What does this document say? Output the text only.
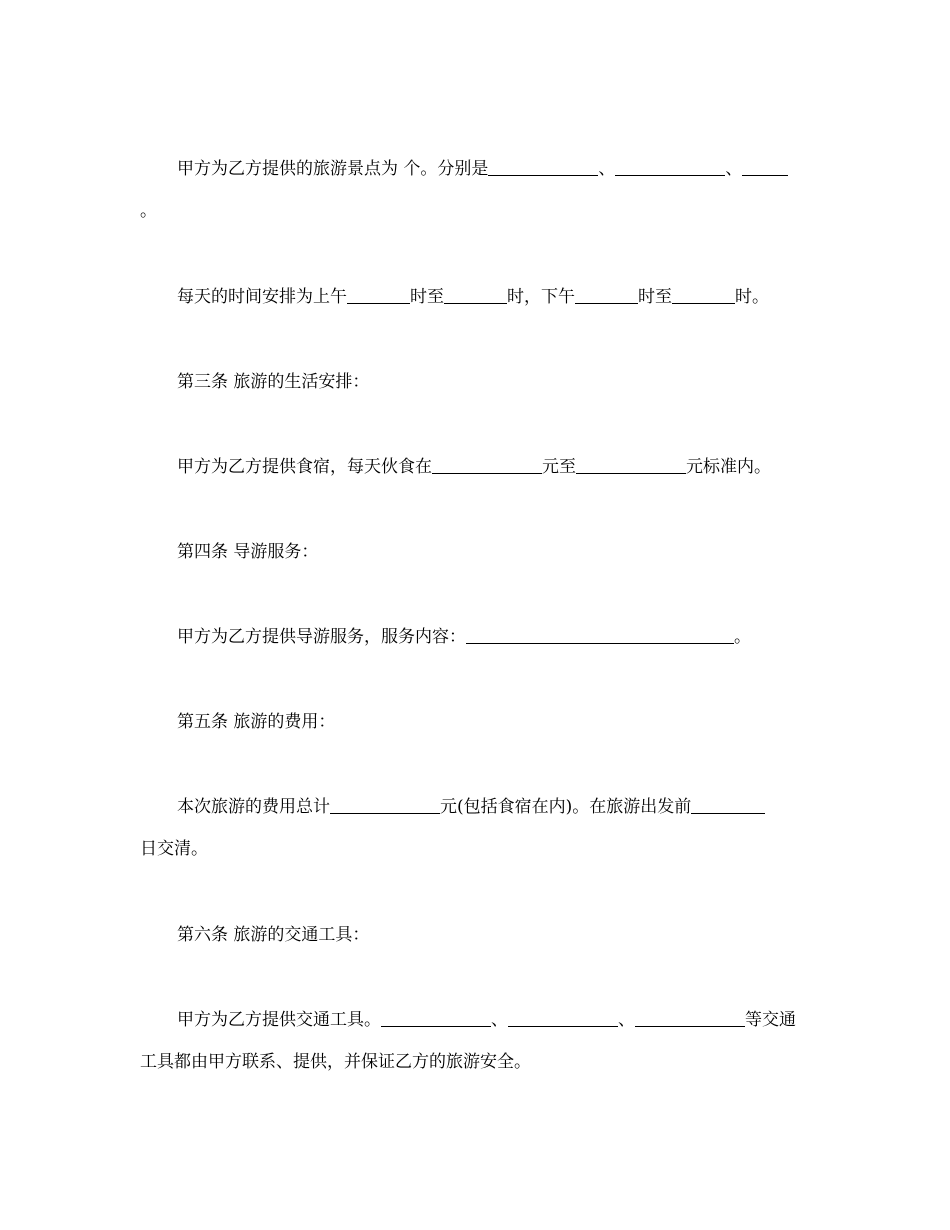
甲方为乙方提供的旅游景点为 个。分别是	、	、
。
每天的时间安排为上午	时至	时，下午	时至	时。
第三条 旅游的生活安排：
甲方为乙方提供食宿，每天伙食在	元至	元标准内。
第四条 导游服务：
甲方为乙方提供导游服务，服务内容：	。
第五条 旅游的费用：
本次旅游的费用总计	元(包括食宿在内)。在旅游出发前
日交清。
第六条 旅游的交通工具：
甲方为乙方提供交通工具。	、	、	等交通
工具都由甲方联系、提供，并保证乙方的旅游安全。
